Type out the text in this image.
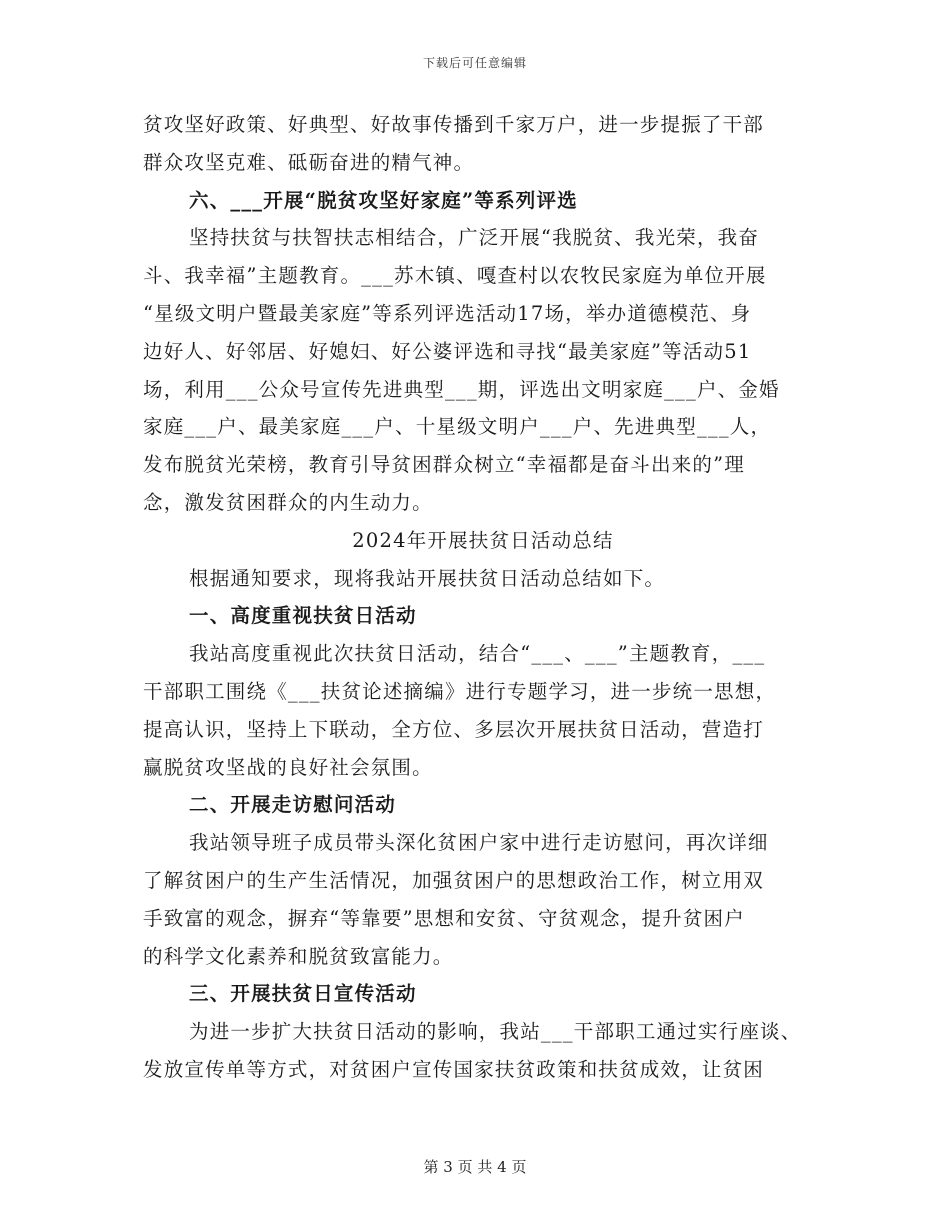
下载后可任意编辑
贫攻坚好政策、好典型、好故事传播到千家万户，进一步提振了干部
群众攻坚克难、砥砺奋进的精气神。
六、___开展“脱贫攻坚好家庭”等系列评选
坚持扶贫与扶智扶志相结合，广泛开展“我脱贫、我光荣，我奋
斗、我幸福”主题教育。___苏木镇、嘎查村以农牧民家庭为单位开展
“星级文明户暨最美家庭”等系列评选活动17场，举办道德模范、身
边好人、好邻居、好媳妇、好公婆评选和寻找“最美家庭”等活动51
场，利用___公众号宣传先进典型___期，评选出文明家庭___户、金婚
家庭___户、最美家庭___户、十星级文明户___户、先进典型___人，
发布脱贫光荣榜，教育引导贫困群众树立“幸福都是奋斗出来的”理
念，激发贫困群众的内生动力。
2024年开展扶贫日活动总结
根据通知要求，现将我站开展扶贫日活动总结如下。
一、高度重视扶贫日活动
我站高度重视此次扶贫日活动，结合“___、___”主题教育，___
干部职工围绕《___扶贫论述摘编》进行专题学习，进一步统一思想，
提高认识，坚持上下联动，全方位、多层次开展扶贫日活动，营造打
赢脱贫攻坚战的良好社会氛围。
二、开展走访慰问活动
我站领导班子成员带头深化贫困户家中进行走访慰问，再次详细
了解贫困户的生产生活情况，加强贫困户的思想政治工作，树立用双
手致富的观念，摒弃“等靠要”思想和安贫、守贫观念，提升贫困户
的科学文化素养和脱贫致富能力。
三、开展扶贫日宣传活动
为进一步扩大扶贫日活动的影响，我站___干部职工通过实行座谈、
发放宣传单等方式，对贫困户宣传国家扶贫政策和扶贫成效，让贫困
第 3 页 共 4 页
